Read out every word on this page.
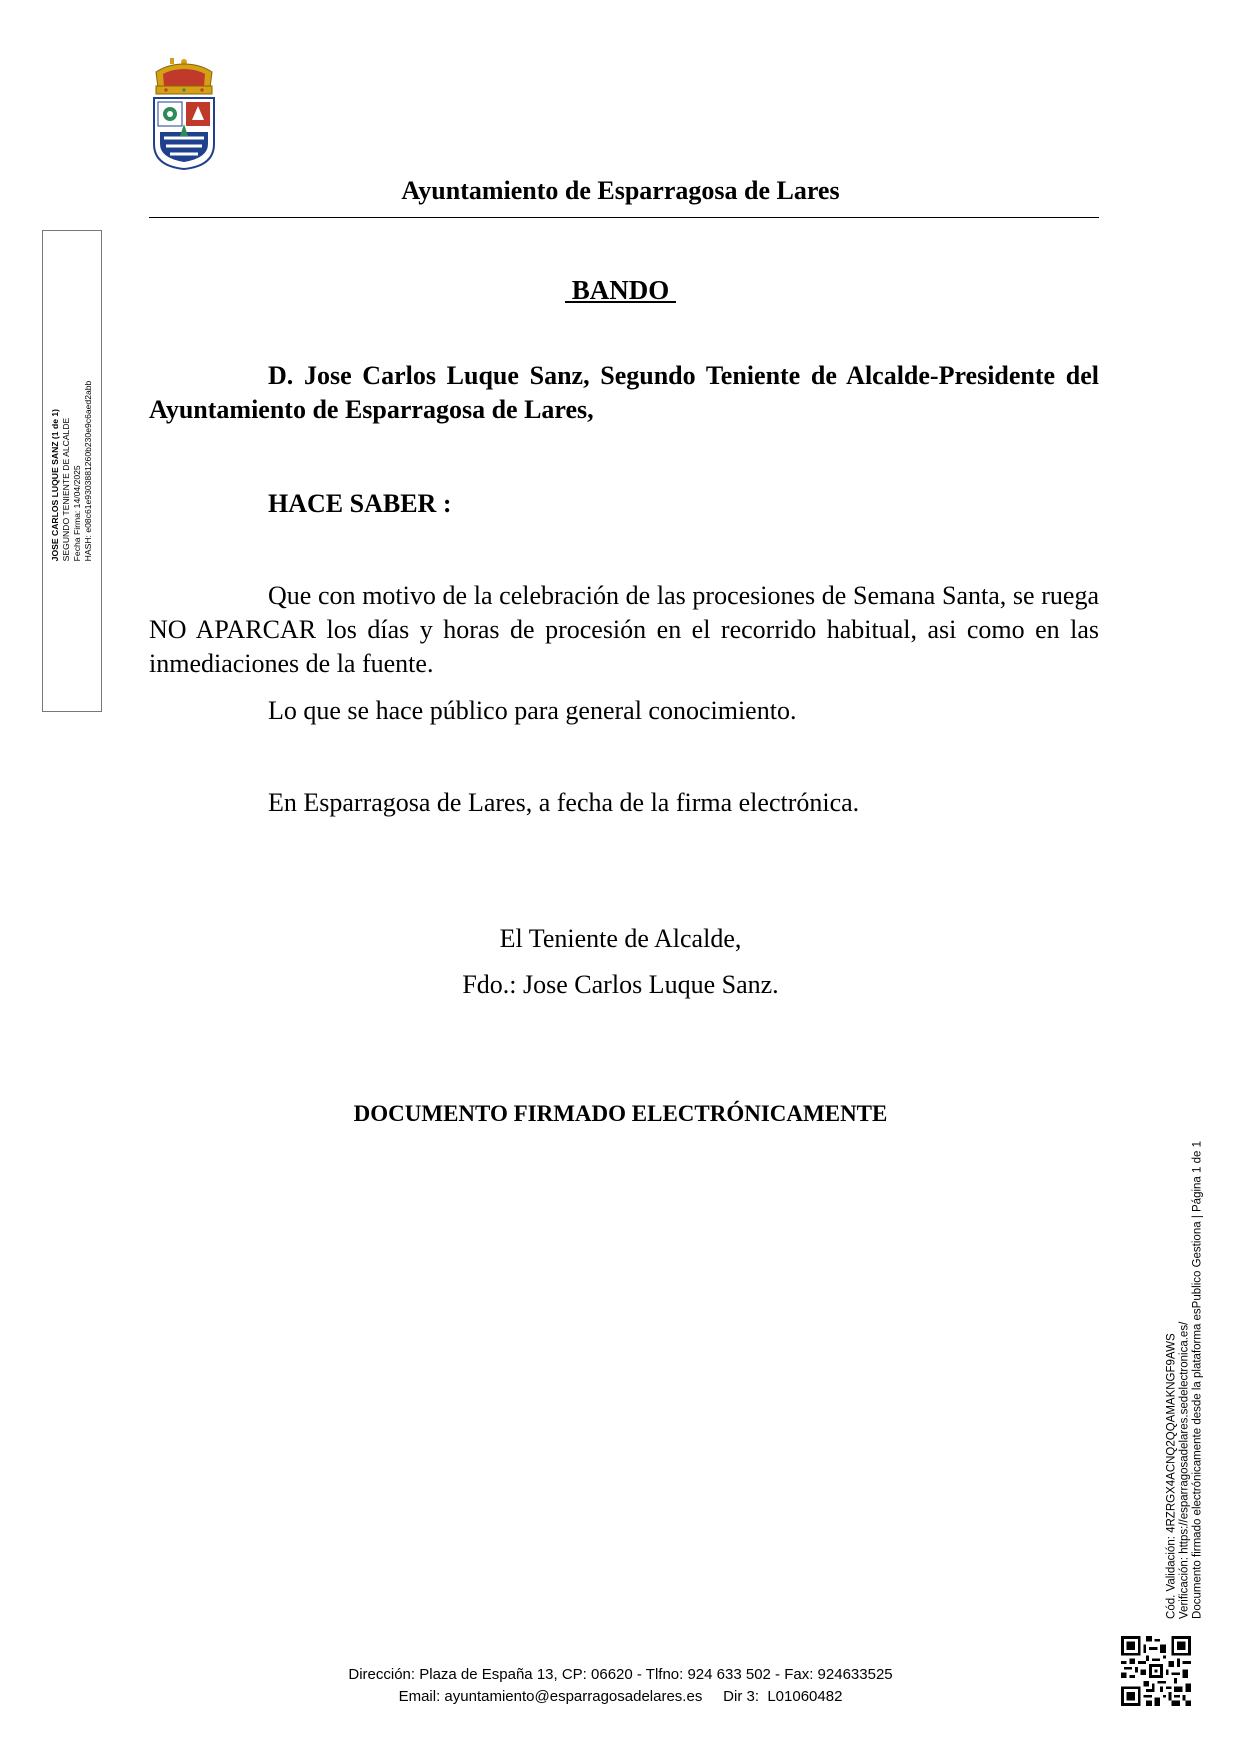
Ayuntamiento de Esparragosa de Lares
JOSE CARLOS LUQUE SANZ (1 de 1) SEGUNDO TENIENTE DE ALCALDE Fecha Firma: 14/04/2025 HASH: e08c61e9303881260b230e9c6aed2abb
BANDO

D. Jose Carlos Luque Sanz, Segundo Teniente de Alcalde-Presidente del Ayuntamiento de Esparragosa de Lares,

HACE SABER :

Que con motivo de la celebración de las procesiones de Semana Santa, se ruega NO APARCAR los días y horas de procesión en el recorrido habitual, asi como en las inmediaciones de la fuente.

Lo que se hace público para general conocimiento.
En Esparragosa de Lares, a fecha de la firma electrónica.
El Teniente de Alcalde,
Fdo.: Jose Carlos Luque Sanz.
DOCUMENTO FIRMADO ELECTRÓNICAMENTE
Cód. Validación: 4RZRGX4ACNQ2QQAMAKNGF9AWS Verificación: https://esparragosadelares.sedelectronica.es/ Documento firmado electrónicamente desde la plataforma esPublico Gestiona | Página 1 de 1
Dirección: Plaza de España 13, CP: 06620 - Tlfno: 924 633 502 - Fax: 924633525
Email: ayuntamiento@esparragosadelares.es     Dir 3:  L01060482
